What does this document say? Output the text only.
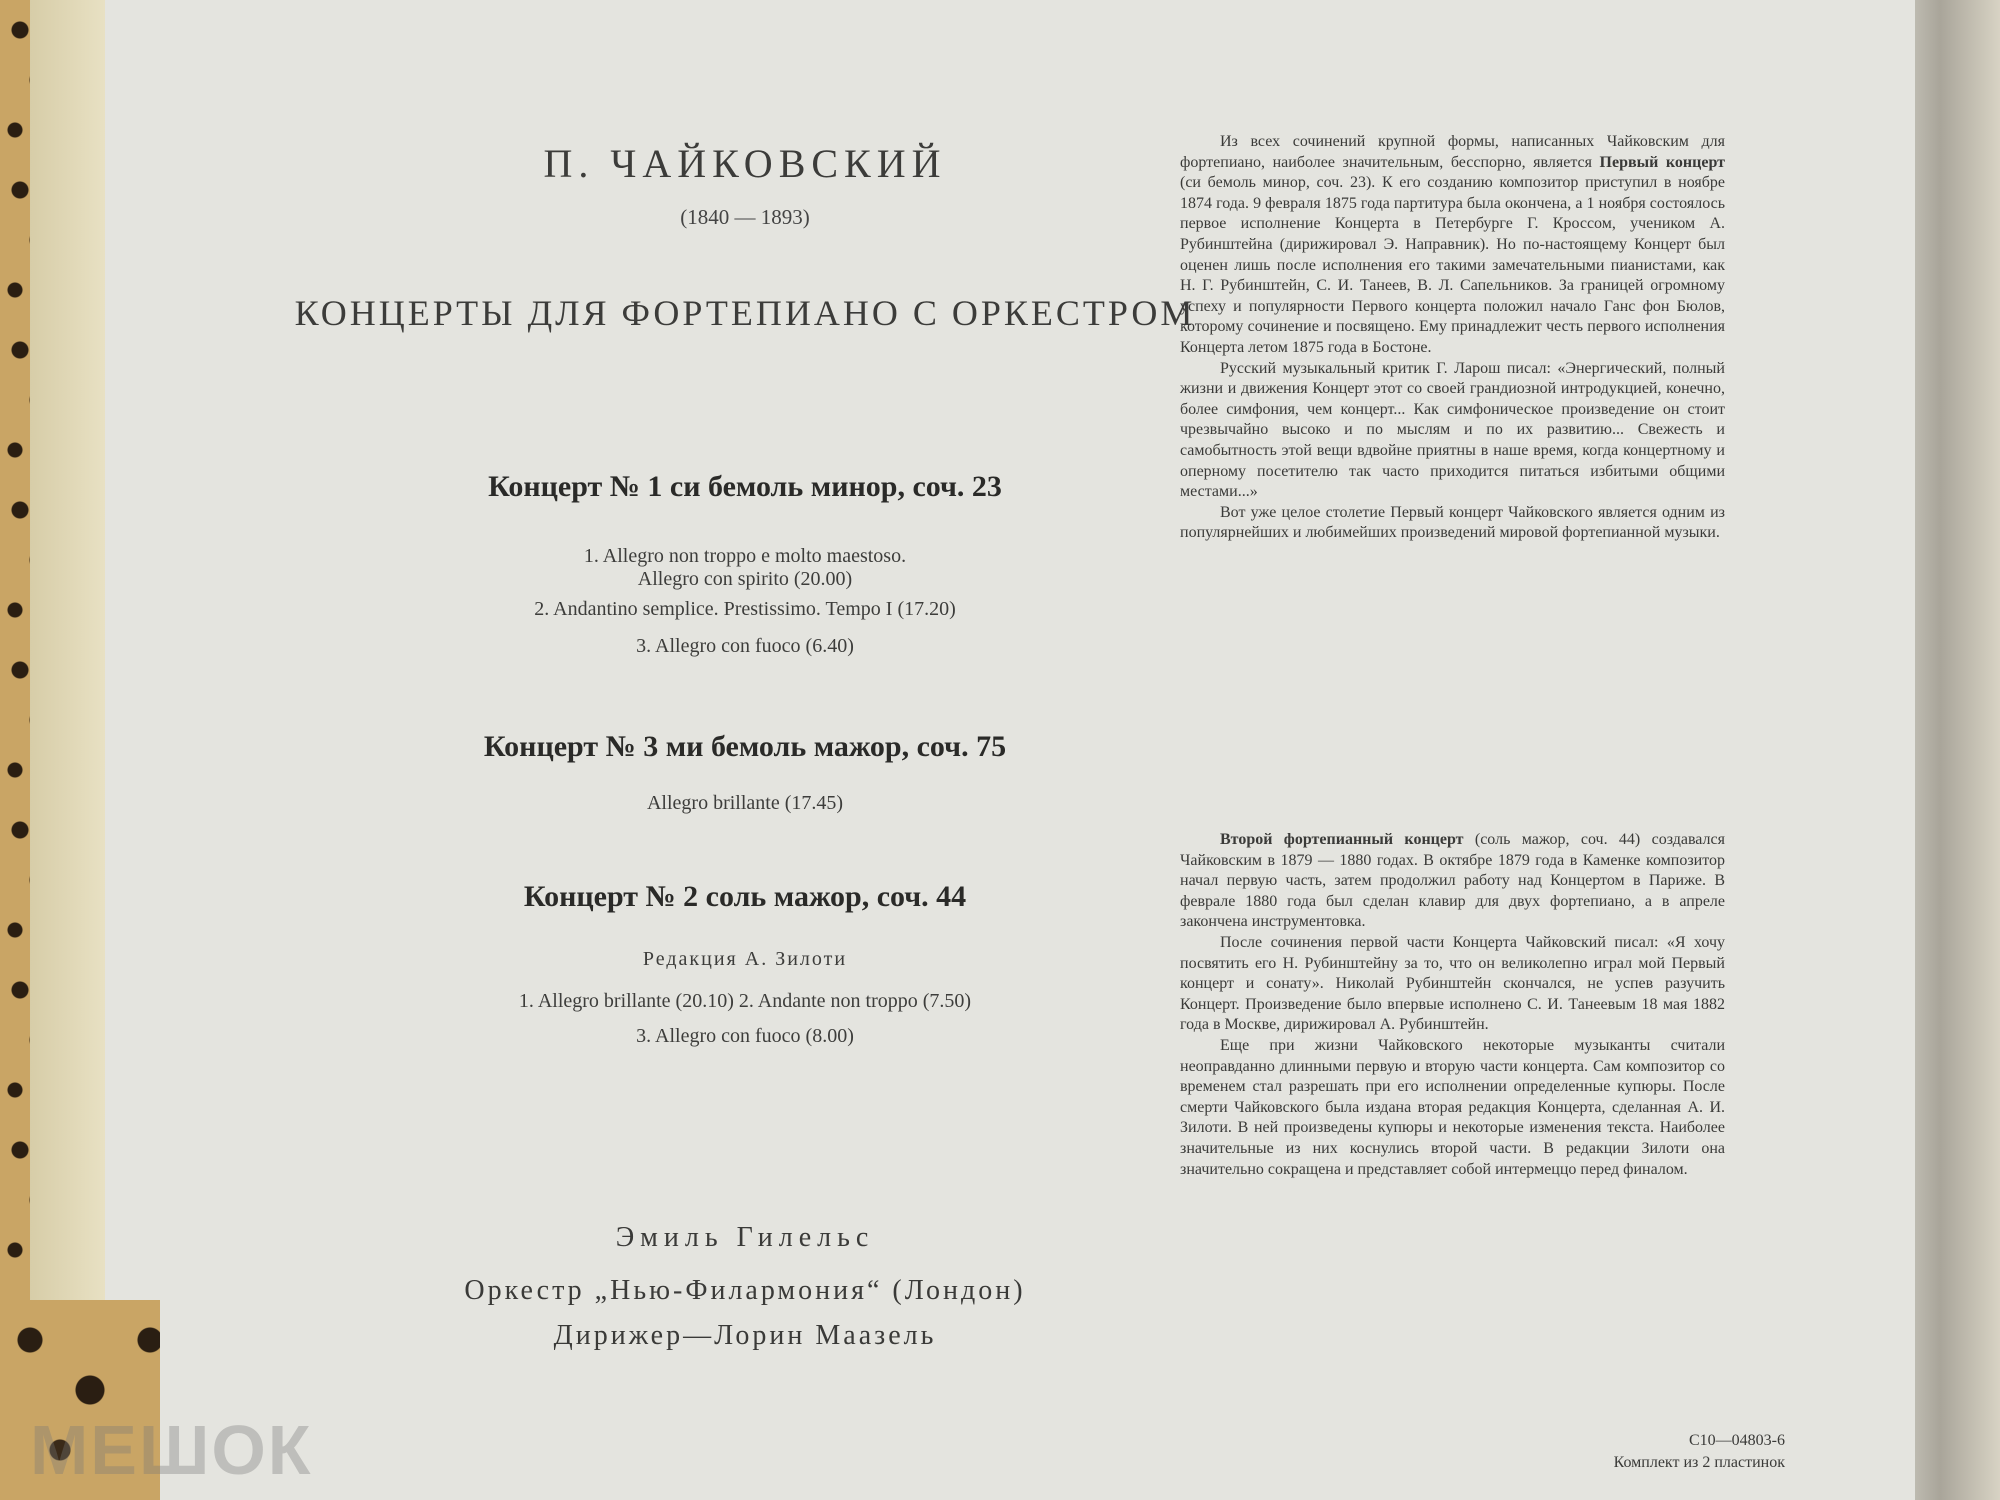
П. ЧАЙКОВСКИЙ
(1840 — 1893)
КОНЦЕРТЫ ДЛЯ ФОРТЕПИАНО С ОРКЕСТРОМ
Концерт № 1 си бемоль минор, соч. 23
1. Allegro non troppo e molto maestoso.
Allegro con spirito (20.00)
2. Andantino semplice. Prestissimo. Tempo I (17.20)
3. Allegro con fuoco (6.40)
Концерт № 3 ми бемоль мажор, соч. 75
Allegro brillante (17.45)
Концерт № 2 соль мажор, соч. 44
Редакция А. Зилоти
1. Allegro brillante (20.10) 2. Andante non troppo (7.50)
3. Allegro con fuoco (8.00)
Эмиль Гилельс
Оркестр „Нью-Филармония“ (Лондон)
Дирижер—Лорин Маазель

Из всех сочинений крупной формы, написанных Чайковским для фортепиано, наиболее значительным, бесспорно, является Первый концерт (си бемоль минор, соч. 23). К его созданию композитор приступил в ноябре 1874 года. 9 февраля 1875 года партитура была окончена, а 1 ноября состоялось первое исполнение Концерта в Петербурге Г. Кроссом, учеником А. Рубинштейна (дирижировал Э. Направник). Но по-настоящему Концерт был оценен лишь после исполнения его такими замечательными пианистами, как Н. Г. Рубинштейн, С. И. Танеев, В. Л. Сапельников. За границей огромному успеху и популярности Первого концерта положил начало Ганс фон Бюлов, которому сочинение и посвящено. Ему принадлежит честь первого исполнения Концерта летом 1875 года в Бостоне.

Русский музыкальный критик Г. Ларош писал: «Энергический, полный жизни и движения Концерт этот со своей грандиозной интродукцией, конечно, более симфония, чем концерт... Как симфоническое произведение он стоит чрезвычайно высоко и по мыслям и по их развитию... Свежесть и самобытность этой вещи вдвойне приятны в наше время, когда концертному и оперному посетителю так часто приходится питаться избитыми общими местами...»

Вот уже целое столетие Первый концерт Чайковского является одним из популярнейших и любимейших произведений мировой фортепианной музыки.

Второй фортепианный концерт (соль мажор, соч. 44) создавался Чайковским в 1879 — 1880 годах. В октябре 1879 года в Каменке композитор начал первую часть, затем продолжил работу над Концертом в Париже. В феврале 1880 года был сделан клавир для двух фортепиано, а в апреле закончена инструментовка.

После сочинения первой части Концерта Чайковский писал: «Я хочу посвятить его Н. Рубинштейну за то, что он великолепно играл мой Первый концерт и сонату». Николай Рубинштейн скончался, не успев разучить Концерт. Произведение было впервые исполнено С. И. Танеевым 18 мая 1882 года в Москве, дирижировал А. Рубинштейн.

Еще при жизни Чайковского некоторые музыканты считали неоправданно длинными первую и вторую части концерта. Сам композитор со временем стал разрешать при его исполнении определенные купюры. После смерти Чайковского была издана вторая редакция Концерта, сделанная А. И. Зилоти. В ней произведены купюры и некоторые изменения текста. Наиболее значительные из них коснулись второй части. В редакции Зилоти она значительно сокращена и представляет собой интермеццо перед финалом.

С10—04803-6
Комплект из 2 пластинок
МЕШОК
